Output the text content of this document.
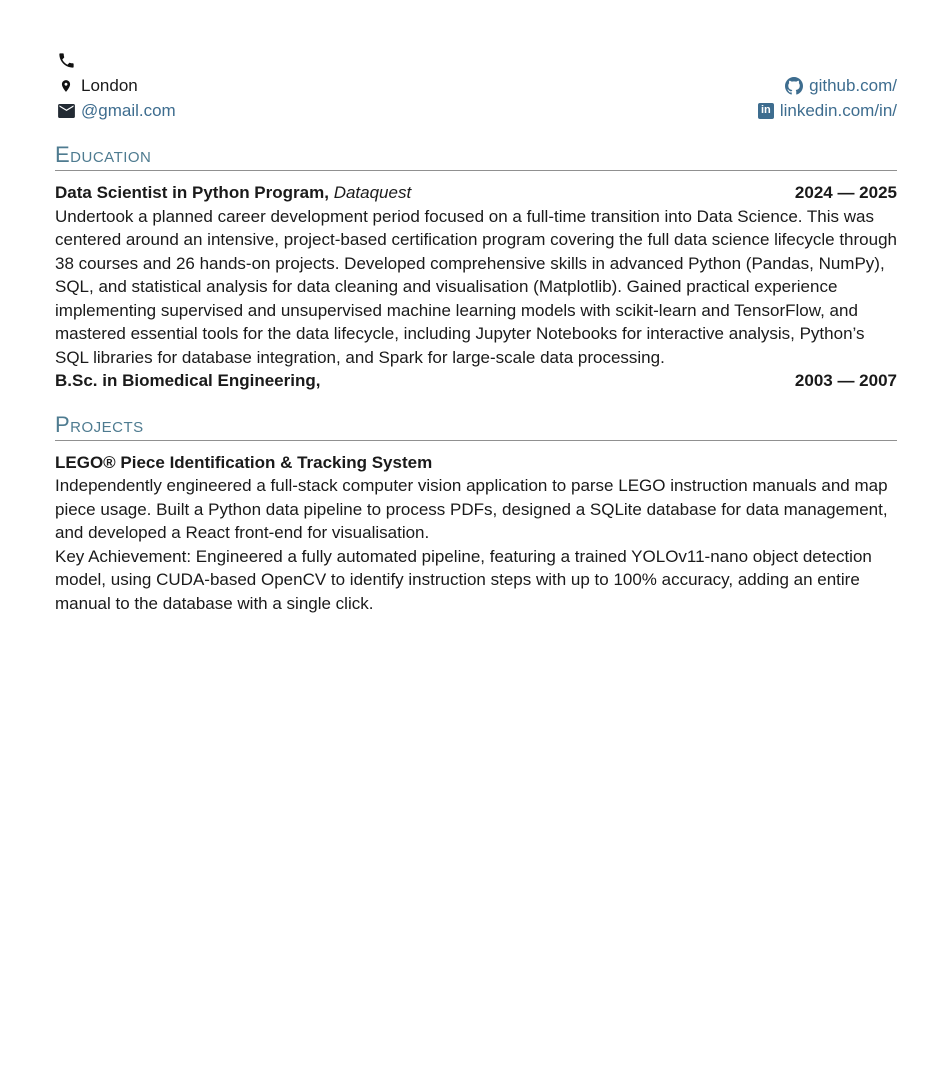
London
@gmail.com
github.com/
in linkedin.com/in/
Education
Data Scientist in Python Program, Dataquest	2024 — 2025

Undertook a planned career development period focused on a full-time transition into Data Science. This was centered around an intensive, project-based certification program covering the full data science lifecycle through 38 courses and 26 hands-on projects. Developed comprehensive skills in advanced Python (Pandas, NumPy), SQL, and statistical analysis for data cleaning and visualisation (Matplotlib). Gained practical experience implementing supervised and unsupervised machine learning models with scikit-learn and TensorFlow, and mastered essential tools for the data lifecycle, including Jupyter Notebooks for interactive analysis, Python’s SQL libraries for database integration, and Spark for large-scale data processing.

B.Sc. in Biomedical Engineering,	2003 — 2007
Projects
LEGO® Piece Identification & Tracking System

Independently engineered a full-stack computer vision application to parse LEGO instruction manuals and map piece usage. Built a Python data pipeline to process PDFs, designed a SQLite database for data management, and developed a React front-end for visualisation.

Key Achievement: Engineered a fully automated pipeline, featuring a trained YOLOv11-nano object detection model, using CUDA-based OpenCV to identify instruction steps with up to 100% accuracy, adding an entire manual to the database with a single click.
